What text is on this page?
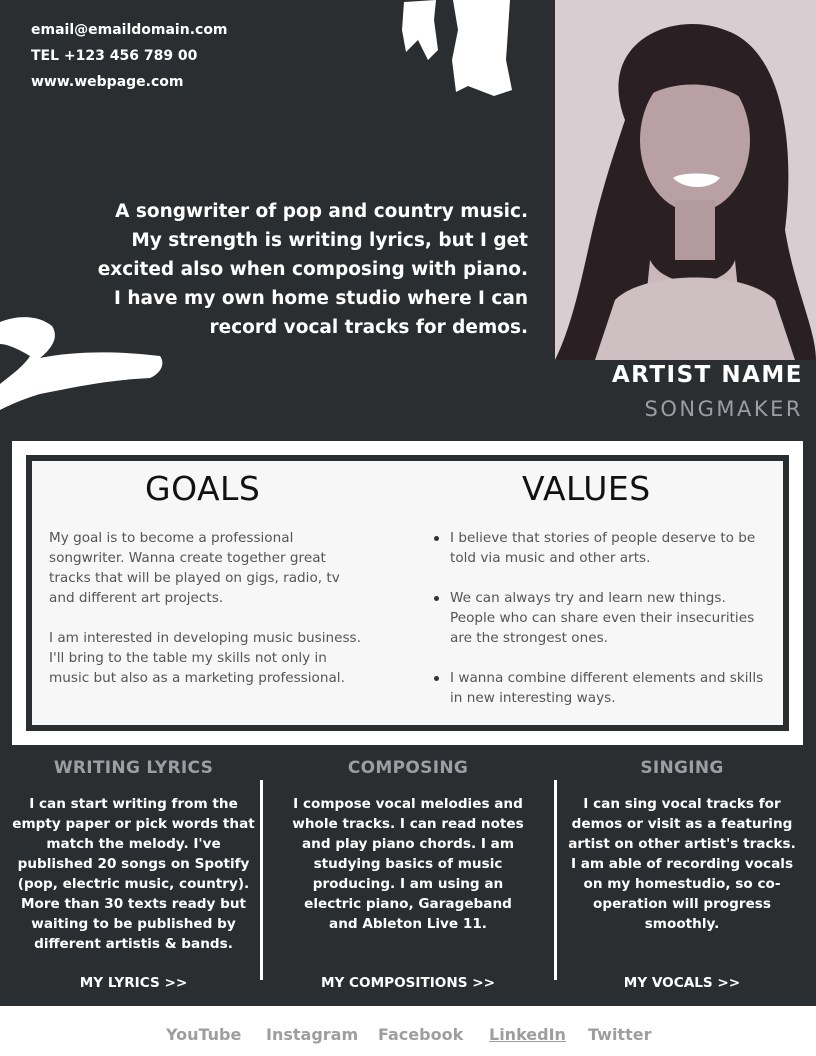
email@emaildomain.com
TEL +123 456 789 00
www.webpage.com
A songwriter of pop and country music.
My strength is writing lyrics, but I get
excited also when composing with piano.
I have my own home studio where I can
record vocal tracks for demos.
ARTIST NAME
SONGMAKER
GOALS	VALUES

My goal is to become a professional songwriter. Wanna create together great tracks that will be played on gigs, radio, tv and different art projects.

I am interested in developing music business. I'll bring to the table my skills not only in music but also as a marketing professional.

I believe that stories of people deserve to be told via music and other arts.
We can always try and learn new things. People who can share even their insecurities are the strongest ones.
I wanna combine different elements and skills in new interesting ways.
WRITING LYRICS

I can start writing from the empty paper or pick words that match the melody. I've published 20 songs on Spotify (pop, electric music, country). More than 30 texts ready but waiting to be published by different artistis & bands.

COMPOSING

I compose vocal melodies and whole tracks. I can read notes and play piano chords. I am studying basics of music producing. I am using an electric piano, Garageband and Ableton Live 11.

SINGING

I can sing vocal tracks for demos or visit as a featuring artist on other artist's tracks. I am able of recording vocals on my homestudio, so co-operation will progress smoothly.

MY LYRICS >>	MY COMPOSITIONS >>	MY VOCALS >>
YouTube Instagram Facebook LinkedIn Twitter
